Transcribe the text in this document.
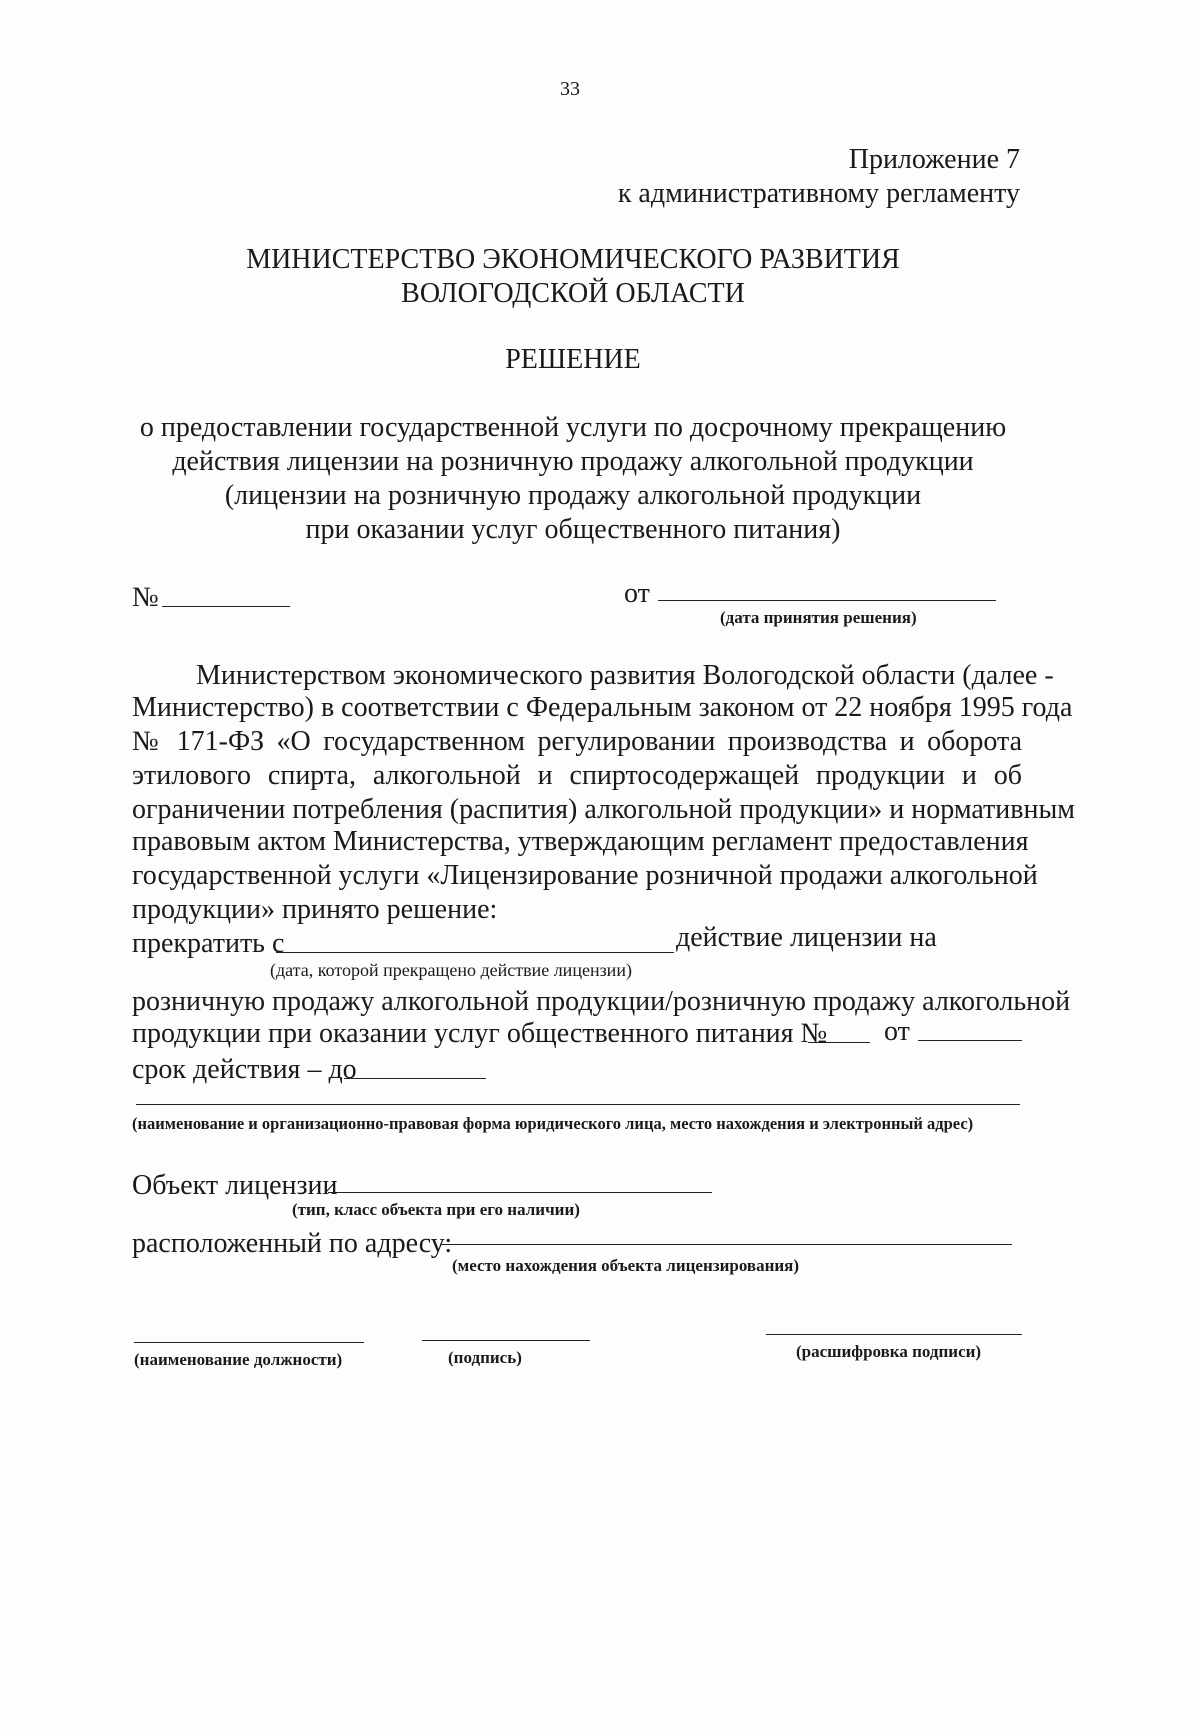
33
Приложение 7
к административному регламенту
МИНИСТЕРСТВО ЭКОНОМИЧЕСКОГО РАЗВИТИЯ
ВОЛОГОДСКОЙ ОБЛАСТИ
РЕШЕНИЕ
о предоставлении государственной услуги по досрочному прекращению
действия лицензии на розничную продажу алкогольной продукции
(лицензии на розничную продажу алкогольной продукции
при оказании услуг общественного питания)
№	от
(дата принятия решения)
Министерством экономического развития Вологодской области (далее -
Министерство) в соответствии с Федеральным законом от 22 ноября 1995 года
№ 171-ФЗ «О государственном регулировании производства и оборота
этилового спирта, алкогольной и спиртосодержащей продукции и об
ограничении потребления (распития) алкогольной продукции» и нормативным
правовым актом Министерства, утверждающим регламент предоставления
государственной услуги «Лицензирование розничной продажи алкогольной
продукции» принято решение:
прекратить с	действие лицензии на
(дата, которой прекращено действие лицензии)
розничную продажу алкогольной продукции/розничную продажу алкогольной
продукции при оказании услуг общественного питания № от
срок действия – до
(наименование и организационно-правовая форма юридического лица, место нахождения и электронный адрес)
Объект лицензии
(тип, класс объекта при его наличии)
расположенный по адресу:
(место нахождения объекта лицензирования)
(наименование должности)	(подпись)	(расшифровка подписи)
